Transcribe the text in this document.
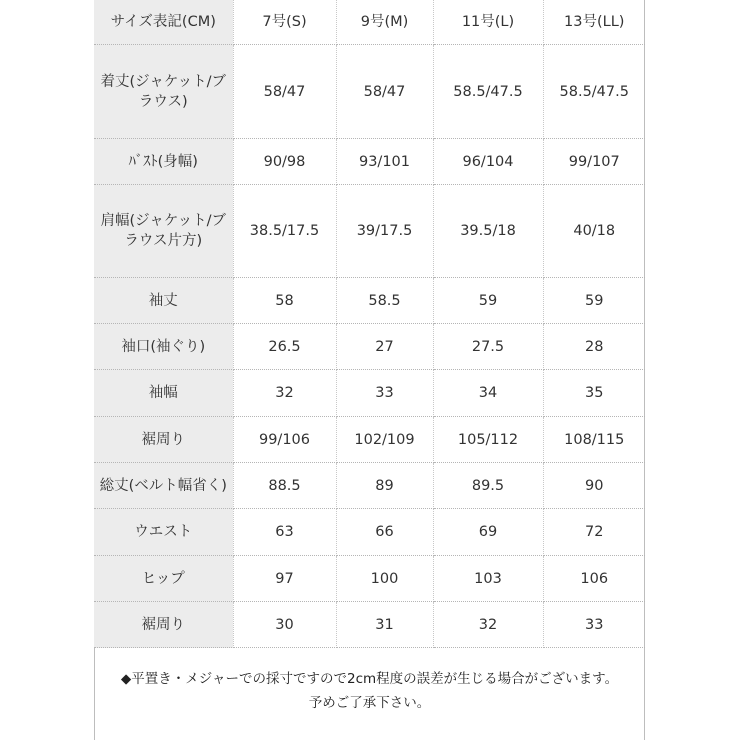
サイズ表記(CM)	7号(S)	9号(M)	11号(L)	13号(LL)
着丈(ジャケット/ブラウス)	58/47	58/47	58.5/47.5	58.5/47.5
ﾊﾞｽﾄ(身幅)	90/98	93/101	96/104	99/107
肩幅(ジャケット/ブラウス片方)	38.5/17.5	39/17.5	39.5/18	40/18
袖丈	58	58.5	59	59
袖口(袖ぐり)	26.5	27	27.5	28
袖幅	32	33	34	35
裾周り	99/106	102/109	105/112	108/115
総丈(ベルト幅省く)	88.5	89	89.5	90
ウエスト	63	66	69	72
ヒップ	97	100	103	106
裾周り	30	31	32	33

◆平置き・メジャーでの採寸ですので2cm程度の誤差が生じる場合がございます。

予めご了承下さい。
